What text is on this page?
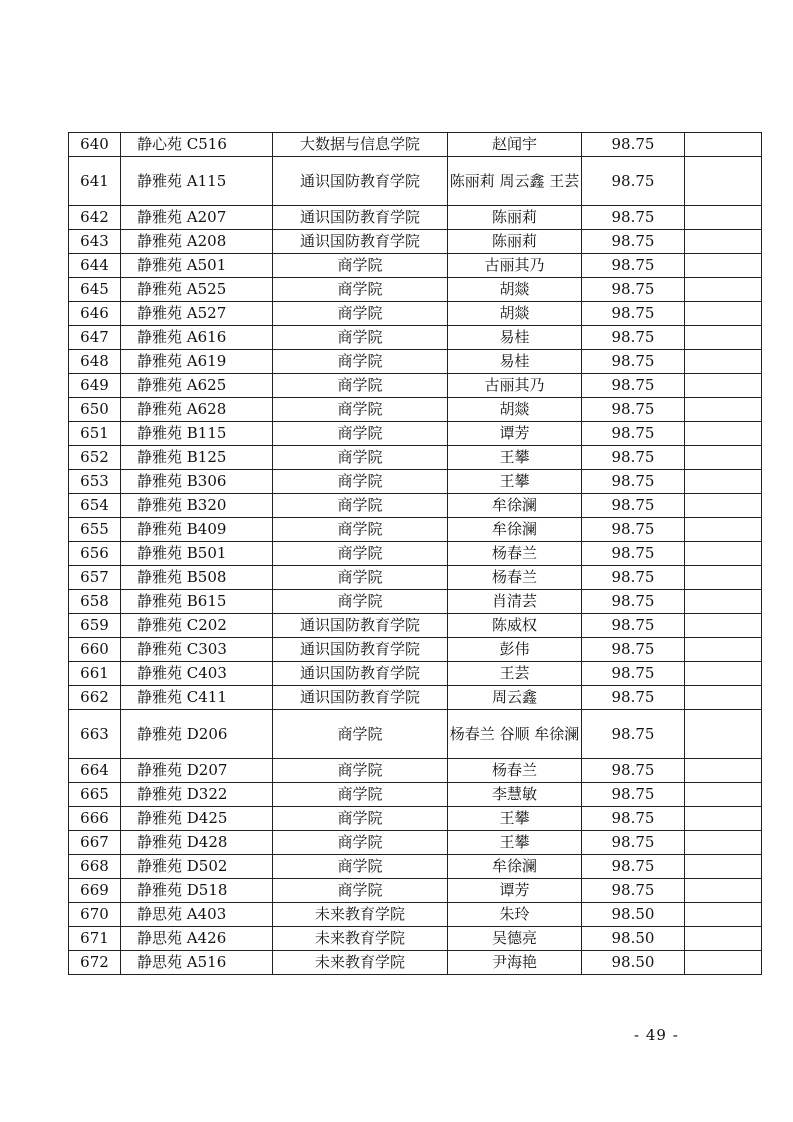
640	静心苑 C516	大数据与信息学院	赵闻宇	98.75	
641	静雅苑 A115	通识国防教育学院	陈丽莉 周云鑫 王芸	98.75	
642	静雅苑 A207	通识国防教育学院	陈丽莉	98.75	
643	静雅苑 A208	通识国防教育学院	陈丽莉	98.75	
644	静雅苑 A501	商学院	古丽其乃	98.75	
645	静雅苑 A525	商学院	胡燚	98.75	
646	静雅苑 A527	商学院	胡燚	98.75	
647	静雅苑 A616	商学院	易桂	98.75	
648	静雅苑 A619	商学院	易桂	98.75	
649	静雅苑 A625	商学院	古丽其乃	98.75	
650	静雅苑 A628	商学院	胡燚	98.75	
651	静雅苑 B115	商学院	谭芳	98.75	
652	静雅苑 B125	商学院	王攀	98.75	
653	静雅苑 B306	商学院	王攀	98.75	
654	静雅苑 B320	商学院	牟徐澜	98.75	
655	静雅苑 B409	商学院	牟徐澜	98.75	
656	静雅苑 B501	商学院	杨春兰	98.75	
657	静雅苑 B508	商学院	杨春兰	98.75	
658	静雅苑 B615	商学院	肖清芸	98.75	
659	静雅苑 C202	通识国防教育学院	陈威权	98.75	
660	静雅苑 C303	通识国防教育学院	彭伟	98.75	
661	静雅苑 C403	通识国防教育学院	王芸	98.75	
662	静雅苑 C411	通识国防教育学院	周云鑫	98.75	
663	静雅苑 D206	商学院	杨春兰 谷顺 牟徐澜	98.75	
664	静雅苑 D207	商学院	杨春兰	98.75	
665	静雅苑 D322	商学院	李慧敏	98.75	
666	静雅苑 D425	商学院	王攀	98.75	
667	静雅苑 D428	商学院	王攀	98.75	
668	静雅苑 D502	商学院	牟徐澜	98.75	
669	静雅苑 D518	商学院	谭芳	98.75	
670	静思苑 A403	未来教育学院	朱玲	98.50	
671	静思苑 A426	未来教育学院	吴德亮	98.50	
672	静思苑 A516	未来教育学院	尹海艳	98.50	
- 49 -
